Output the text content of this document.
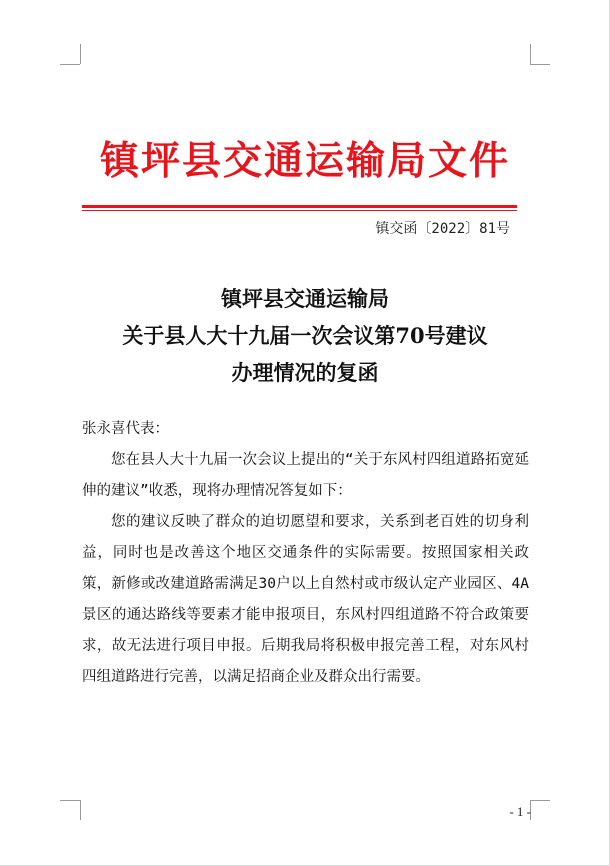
镇坪县交通运输局文件
镇交函〔2022〕81号
镇坪县交通运输局
关于县人大十九届一次会议第70号建议
办理情况的复函

张永喜代表：

您在县人大十九届一次会议上提出的“关于东风村四组道路拓宽延伸的建议”收悉，现将办理情况答复如下：

您的建议反映了群众的迫切愿望和要求，关系到老百姓的切身利益，同时也是改善这个地区交通条件的实际需要。按照国家相关政策，新修或改建道路需满足30户以上自然村或市级认定产业园区、4A景区的通达路线等要素才能申报项目，东风村四组道路不符合政策要求，故无法进行项目申报。后期我局将积极申报完善工程，对东风村四组道路进行完善，以满足招商企业及群众出行需要。

- 1 -
